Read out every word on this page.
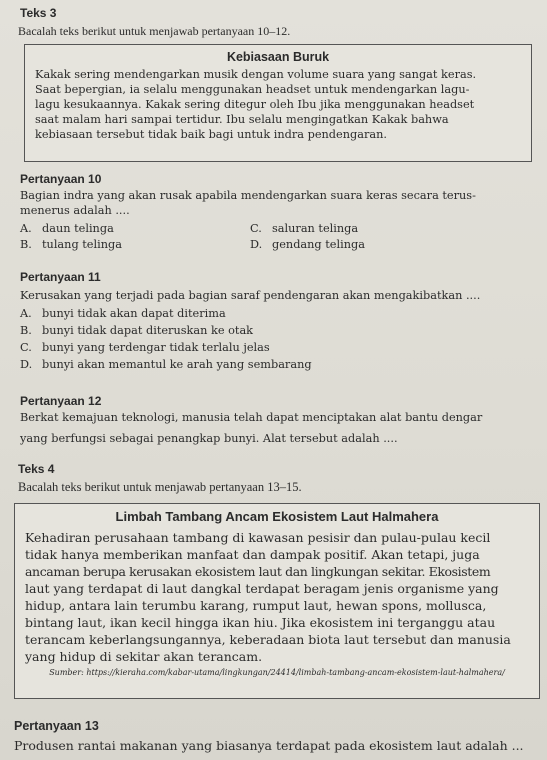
Teks 3
Bacalah teks berikut untuk menjawab pertanyaan 10–12.
Kebiasaan Buruk
Kakak sering mendengarkan musik dengan volume suara yang sangat keras.
Saat bepergian, ia selalu menggunakan headset untuk mendengarkan lagu-
lagu kesukaannya. Kakak sering ditegur oleh Ibu jika menggunakan headset
saat malam hari sampai tertidur. Ibu selalu mengingatkan Kakak bahwa
kebiasaan tersebut tidak baik bagi untuk indra pendengaran.
Pertanyaan 10
Bagian indra yang akan rusak apabila mendengarkan suara keras secara terus-
menerus adalah ....
A. daun telinga	C. saluran telinga
B. tulang telinga	D. gendang telinga
Pertanyaan 11
Kerusakan yang terjadi pada bagian saraf pendengaran akan mengakibatkan ....
A. bunyi tidak akan dapat diterima
B. bunyi tidak dapat diteruskan ke otak
C. bunyi yang terdengar tidak terlalu jelas
D. bunyi akan memantul ke arah yang sembarang
Pertanyaan 12
Berkat kemajuan teknologi, manusia telah dapat menciptakan alat bantu dengar
yang berfungsi sebagai penangkap bunyi. Alat tersebut adalah ....
Teks 4
Bacalah teks berikut untuk menjawab pertanyaan 13–15.
Limbah Tambang Ancam Ekosistem Laut Halmahera
Kehadiran perusahaan tambang di kawasan pesisir dan pulau-pulau kecil
tidak hanya memberikan manfaat dan dampak positif. Akan tetapi, juga
ancaman berupa kerusakan ekosistem laut dan lingkungan sekitar. Ekosistem
laut yang terdapat di laut dangkal terdapat beragam jenis organisme yang
hidup, antara lain terumbu karang, rumput laut, hewan spons, mollusca,
bintang laut, ikan kecil hingga ikan hiu. Jika ekosistem ini terganggu atau
terancam keberlangsungannya, keberadaan biota laut tersebut dan manusia
yang hidup di sekitar akan terancam.
Sumber: https://kieraha.com/kabar-utama/lingkungan/24414/limbah-tambang-ancam-ekosistem-laut-halmahera/
Pertanyaan 13
Produsen rantai makanan yang biasanya terdapat pada ekosistem laut adalah ...
